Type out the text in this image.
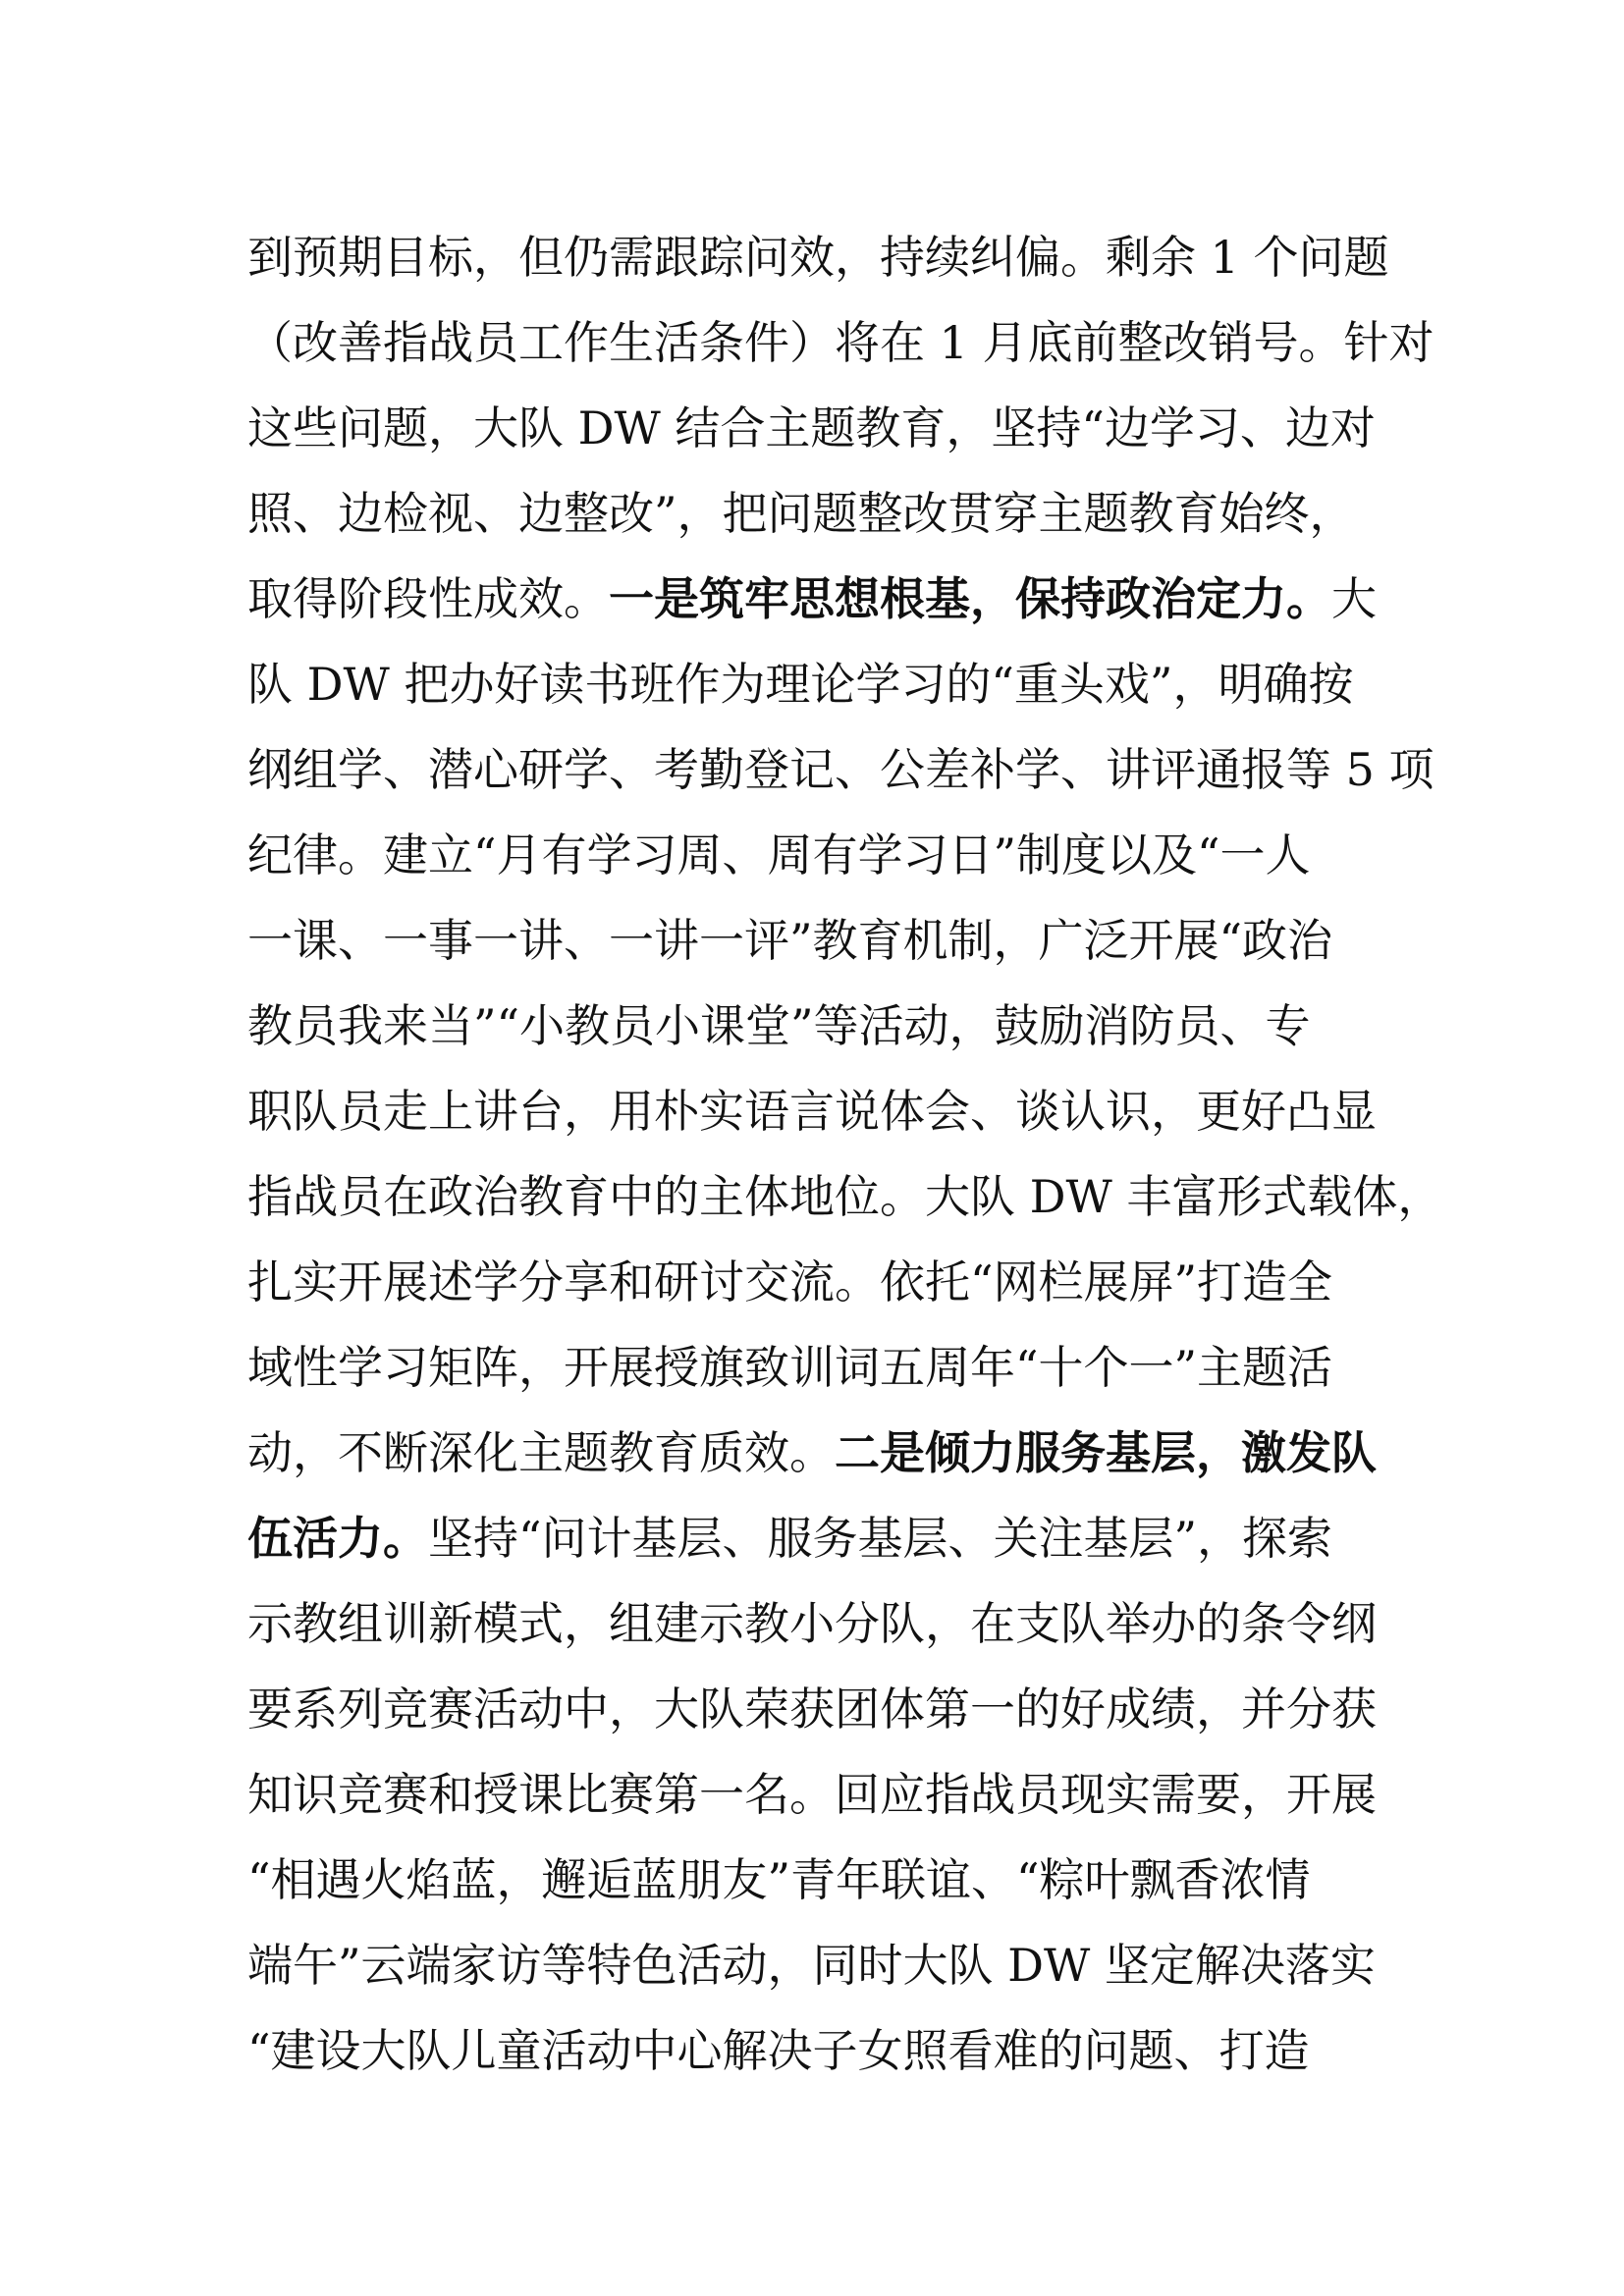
到预期目标，但仍需跟踪问效，持续纠偏。剩余 1 个问题
（改善指战员工作生活条件）将在 1 月底前整改销号。针对
这些问题，大队 DW 结合主题教育，坚持“边学习、边对
照、边检视、边整改”，把问题整改贯穿主题教育始终，
取得阶段性成效。一是筑牢思想根基，保持政治定力。大
队 DW 把办好读书班作为理论学习的“重头戏”，明确按
纲组学、潜心研学、考勤登记、公差补学、讲评通报等 5 项
纪律。建立“月有学习周、周有学习日”制度以及“一人
一课、一事一讲、一讲一评”教育机制，广泛开展“政治
教员我来当”“小教员小课堂”等活动，鼓励消防员、专
职队员走上讲台，用朴实语言说体会、谈认识，更好凸显
指战员在政治教育中的主体地位。大队 DW 丰富形式载体，
扎实开展述学分享和研讨交流。依托“网栏展屏”打造全
域性学习矩阵，开展授旗致训词五周年“十个一”主题活
动，不断深化主题教育质效。二是倾力服务基层，激发队
伍活力。坚持“问计基层、服务基层、关注基层”，探索
示教组训新模式，组建示教小分队，在支队举办的条令纲
要系列竞赛活动中，大队荣获团体第一的好成绩，并分获
知识竞赛和授课比赛第一名。回应指战员现实需要，开展
“相遇火焰蓝，邂逅蓝朋友”青年联谊、“粽叶飘香浓情
端午”云端家访等特色活动，同时大队 DW 坚定解决落实
“建设大队儿童活动中心解决子女照看难的问题、打造
